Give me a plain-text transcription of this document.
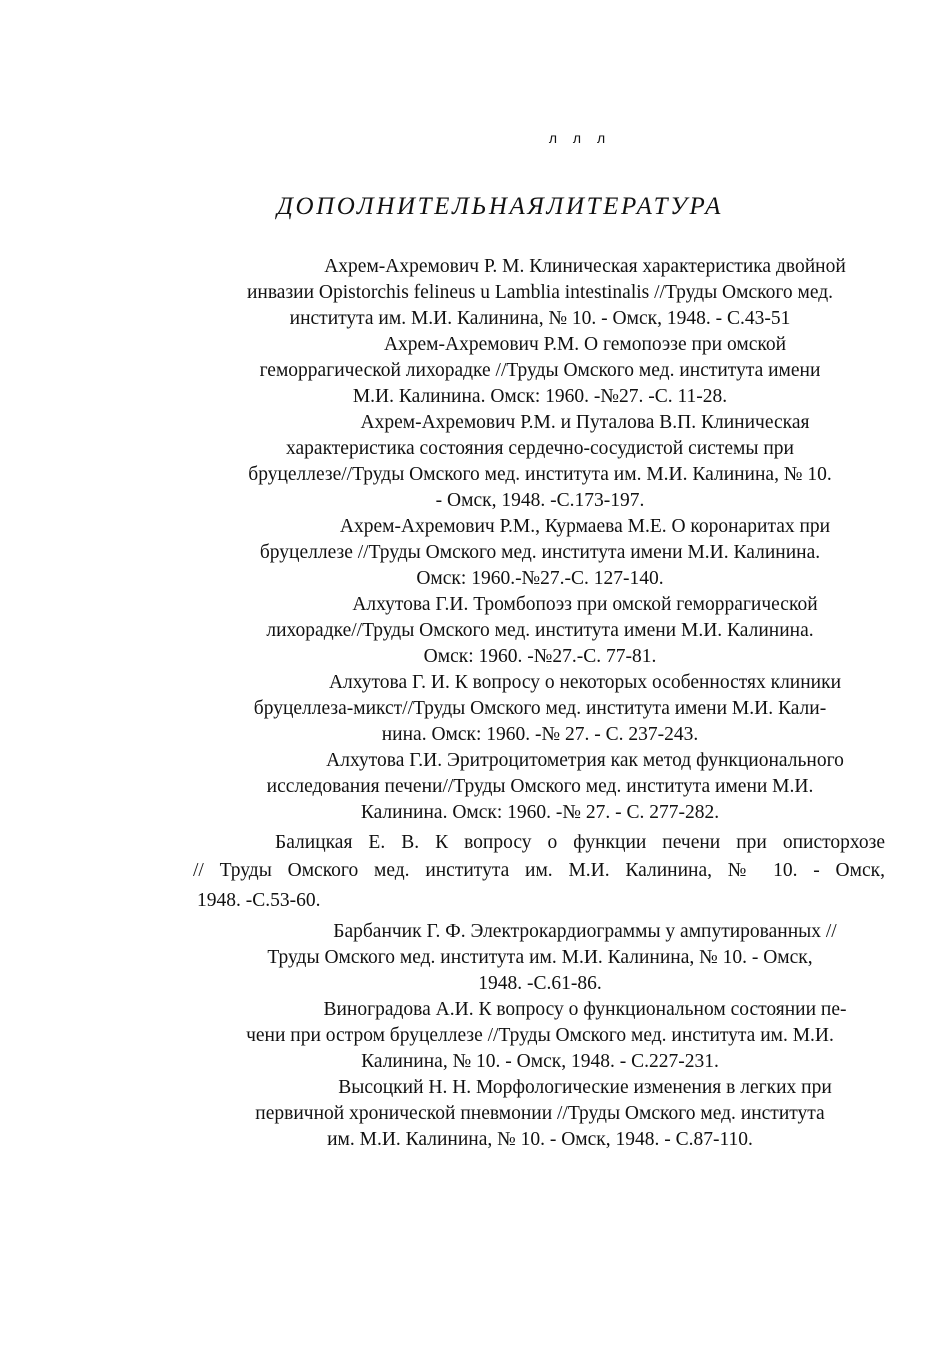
л л л
ДОПОЛНИТЕЛЬНАЯЛИТЕРАТУРА
Ахрем-Ахремович Р. М. Клиническая характеристика двойной
инвазии Opistorchis felineus u Lamblia intestinalis //Труды Омского мед.
института им. М.И. Калинина, № 10. - Омск, 1948. - С.43-51
Ахрем-Ахремович Р.М. О гемопоэзе при омской
геморрагической лихорадке //Труды Омского мед. института имени
М.И. Калинина. Омск: 1960. -№27. -С. 11-28.
Ахрем-Ахремович Р.М. и Путалова В.П. Клиническая
характеристика состояния сердечно-сосудистой системы при
бруцеллезе//Труды Омского мед. института им. М.И. Калинина, № 10.
- Омск, 1948. -С.173-197.
Ахрем-Ахремович Р.М., Курмаева М.Е. О коронаритах при
бруцеллезе //Труды Омского мед. института имени М.И. Калинина.
Омск: 1960.-№27.-С. 127-140.
Алхутова Г.И. Тромбопоэз при омской геморрагической
лихорадке//Труды Омского мед. института имени М.И. Калинина.
Омск: 1960. -№27.-С. 77-81.
Алхутова Г. И. К вопросу о некоторых особенностях клиники
бруцеллеза-микст//Труды Омского мед. института имени М.И. Кали-
нина. Омск: 1960. -№ 27. - С. 237-243.
Алхутова Г.И. Эритроцитометрия как метод функционального
исследования печени//Труды Омского мед. института имени М.И.
Калинина. Омск: 1960. -№ 27. - С. 277-282.
Балицкая Е. В. К вопросу о функции печени при описторхозе
// Труды Омского мед. института им. М.И. Калинина, № 10. - Омск,
1948. -С.53-60.
Барбанчик Г. Ф. Электрокардиограммы у ампутированных //
Труды Омского мед. института им. М.И. Калинина, № 10. - Омск,
1948. -С.61-86.
Виноградова А.И. К вопросу о функциональном состоянии пе-
чени при остром бруцеллезе //Труды Омского мед. института им. М.И.
Калинина, № 10. - Омск, 1948. - С.227-231.
Высоцкий Н. Н. Морфологические изменения в легких при
первичной хронической пневмонии //Труды Омского мед. института
им. М.И. Калинина, № 10. - Омск, 1948. - С.87-110.
